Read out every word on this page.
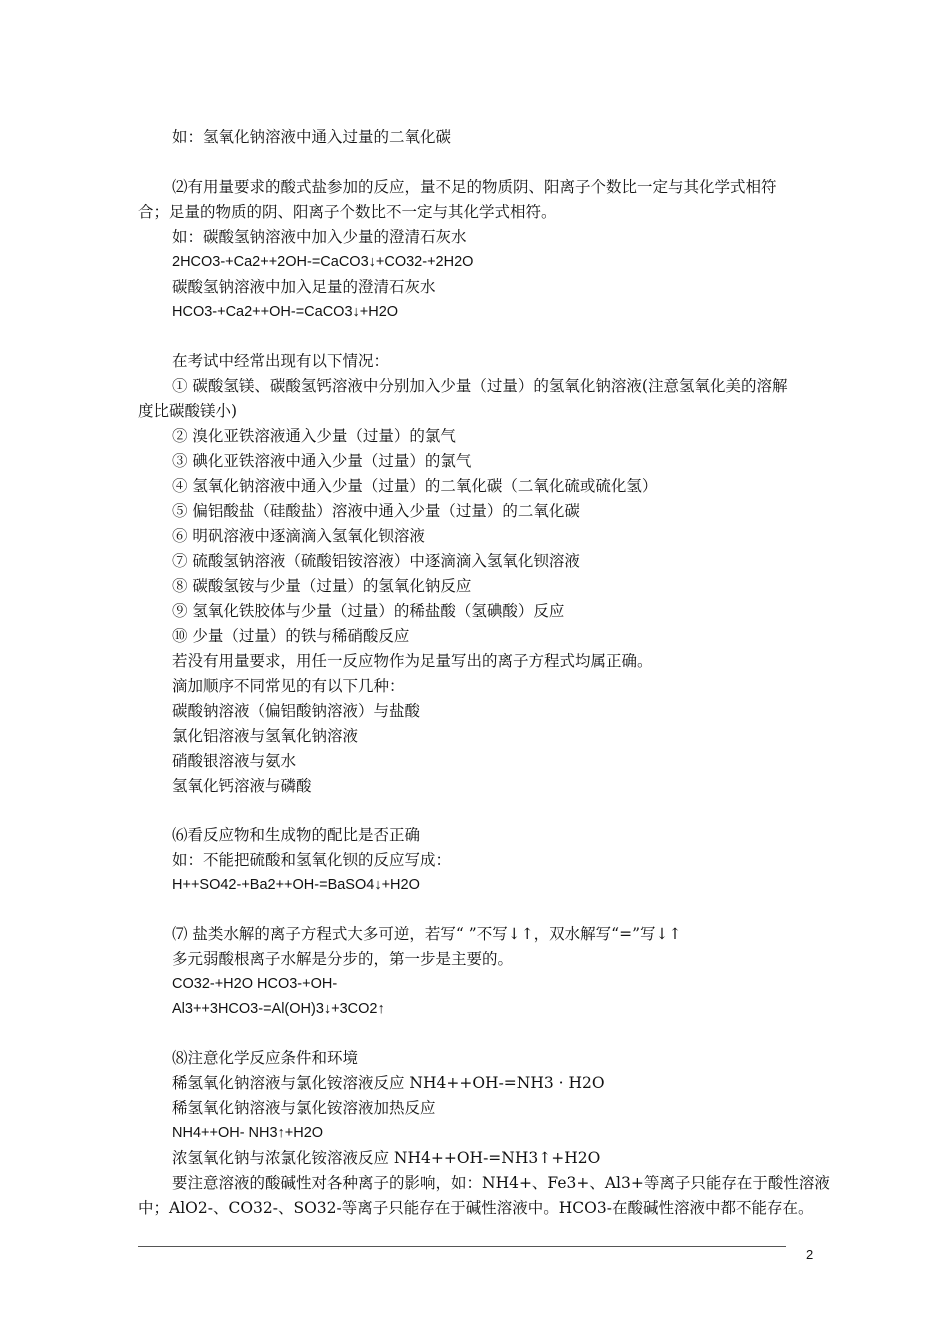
如：氢氧化钠溶液中通入过量的二氧化碳
⑵有用量要求的酸式盐参加的反应，量不足的物质阴、阳离子个数比一定与其化学式相符
合；足量的物质的阴、阳离子个数比不一定与其化学式相符。
如：碳酸氢钠溶液中加入少量的澄清石灰水
2HCO3-+Ca2++2OH-=CaCO3↓+CO32-+2H2O
碳酸氢钠溶液中加入足量的澄清石灰水
HCO3-+Ca2++OH-=CaCO3↓+H2O
在考试中经常出现有以下情况：
① 碳酸氢镁、碳酸氢钙溶液中分别加入少量（过量）的氢氧化钠溶液(注意氢氧化美的溶解
度比碳酸镁小)
② 溴化亚铁溶液通入少量（过量）的氯气
③ 碘化亚铁溶液中通入少量（过量）的氯气
④ 氢氧化钠溶液中通入少量（过量）的二氧化碳（二氧化硫或硫化氢）
⑤ 偏铝酸盐（硅酸盐）溶液中通入少量（过量）的二氧化碳
⑥ 明矾溶液中逐滴滴入氢氧化钡溶液
⑦ 硫酸氢钠溶液（硫酸铝铵溶液）中逐滴滴入氢氧化钡溶液
⑧ 碳酸氢铵与少量（过量）的氢氧化钠反应
⑨ 氢氧化铁胶体与少量（过量）的稀盐酸（氢碘酸）反应
⑩ 少量（过量）的铁与稀硝酸反应
若没有用量要求，用任一反应物作为足量写出的离子方程式均属正确。
滴加顺序不同常见的有以下几种：
碳酸钠溶液（偏铝酸钠溶液）与盐酸
氯化铝溶液与氢氧化钠溶液
硝酸银溶液与氨水
氢氧化钙溶液与磷酸
⑹看反应物和生成物的配比是否正确
如：不能把硫酸和氢氧化钡的反应写成：
H++SO42-+Ba2++OH-=BaSO4↓+H2O
⑺ 盐类水解的离子方程式大多可逆，若写“ ”不写↓↑，双水解写“=”写↓↑
多元弱酸根离子水解是分步的，第一步是主要的。
CO32-+H2O HCO3-+OH-
Al3++3HCO3-=Al(OH)3↓+3CO2↑
⑻注意化学反应条件和环境
稀氢氧化钠溶液与氯化铵溶液反应 NH4++OH-=NH3 · H2O
稀氢氧化钠溶液与氯化铵溶液加热反应
NH4++OH- NH3↑+H2O
浓氢氧化钠与浓氯化铵溶液反应 NH4++OH-=NH3↑+H2O
要注意溶液的酸碱性对各种离子的影响，如：NH4+、Fe3+、Al3+等离子只能存在于酸性溶液
中；AlO2-、CO32-、SO32-等离子只能存在于碱性溶液中。HCO3-在酸碱性溶液中都不能存在。
2
